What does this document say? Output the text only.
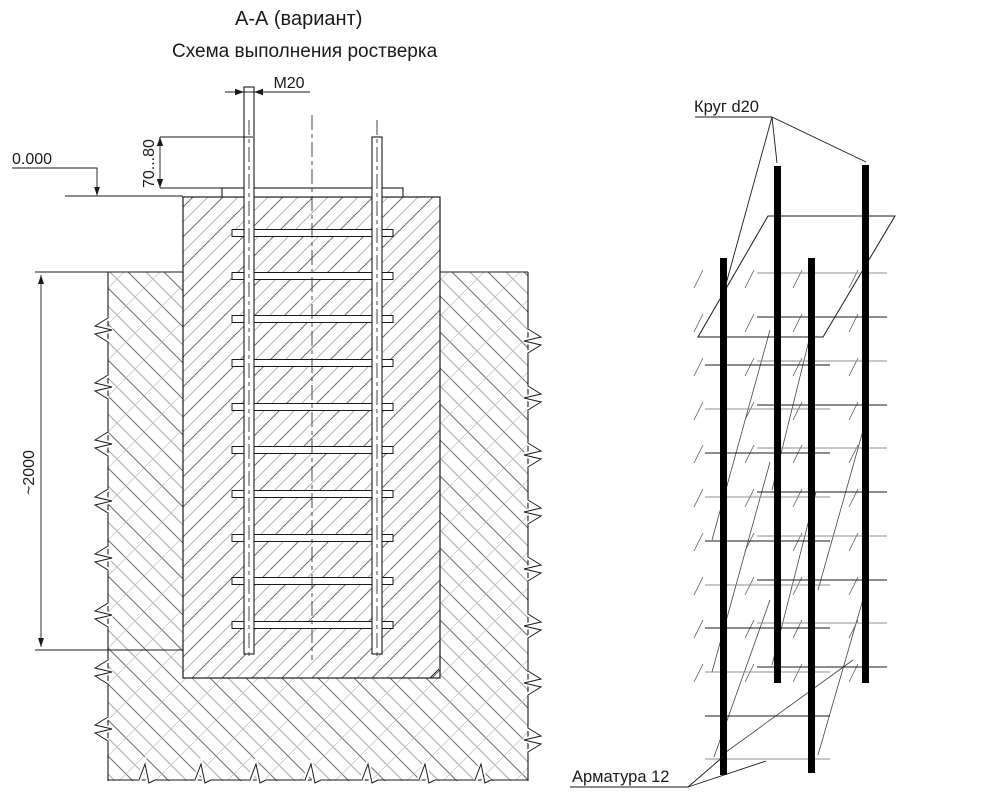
А-А (вариант)
Схема выполнения ростверка
М20
70...80
0.000
~2000
Круг d20
Арматура 12
